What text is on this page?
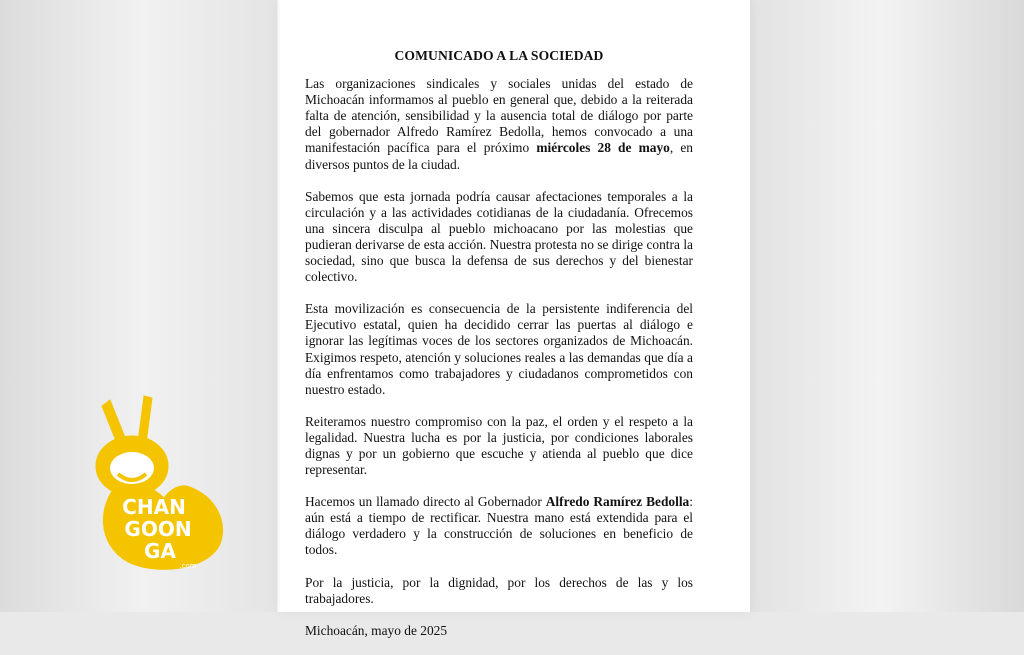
COMUNICADO A LA SOCIEDAD

Las organizaciones sindicales y sociales unidas del estado de Michoacán informamos al pueblo en general que, debido a la reiterada falta de atención, sensibilidad y la ausencia total de diálogo por parte del gobernador Alfredo Ramírez Bedolla, hemos convocado a una manifestación pacífica para el próximo miércoles 28 de mayo, en diversos puntos de la ciudad.

Sabemos que esta jornada podría causar afectaciones temporales a la circulación y a las actividades cotidianas de la ciudadanía. Ofrecemos una sincera disculpa al pueblo michoacano por las molestias que pudieran derivarse de esta acción. Nuestra protesta no se dirige contra la sociedad, sino que busca la defensa de sus derechos y del bienestar colectivo.

Esta movilización es consecuencia de la persistente indiferencia del Ejecutivo estatal, quien ha decidido cerrar las puertas al diálogo e ignorar las legítimas voces de los sectores organizados de Michoacán. Exigimos respeto, atención y soluciones reales a las demandas que día a día enfrentamos como trabajadores y ciudadanos comprometidos con nuestro estado.

Reiteramos nuestro compromiso con la paz, el orden y el respeto a la legalidad. Nuestra lucha es por la justicia, por condiciones laborales dignas y por un gobierno que escuche y atienda al pueblo que dice representar.

Hacemos un llamado directo al Gobernador Alfredo Ramírez Bedolla: aún está a tiempo de rectificar. Nuestra mano está extendida para el diálogo verdadero y la construcción de soluciones en beneficio de todos.

Por la justicia, por la dignidad, por los derechos de las y los trabajadores.

Michoacán, mayo de 2025

CHAN
GOON
GA
.com
